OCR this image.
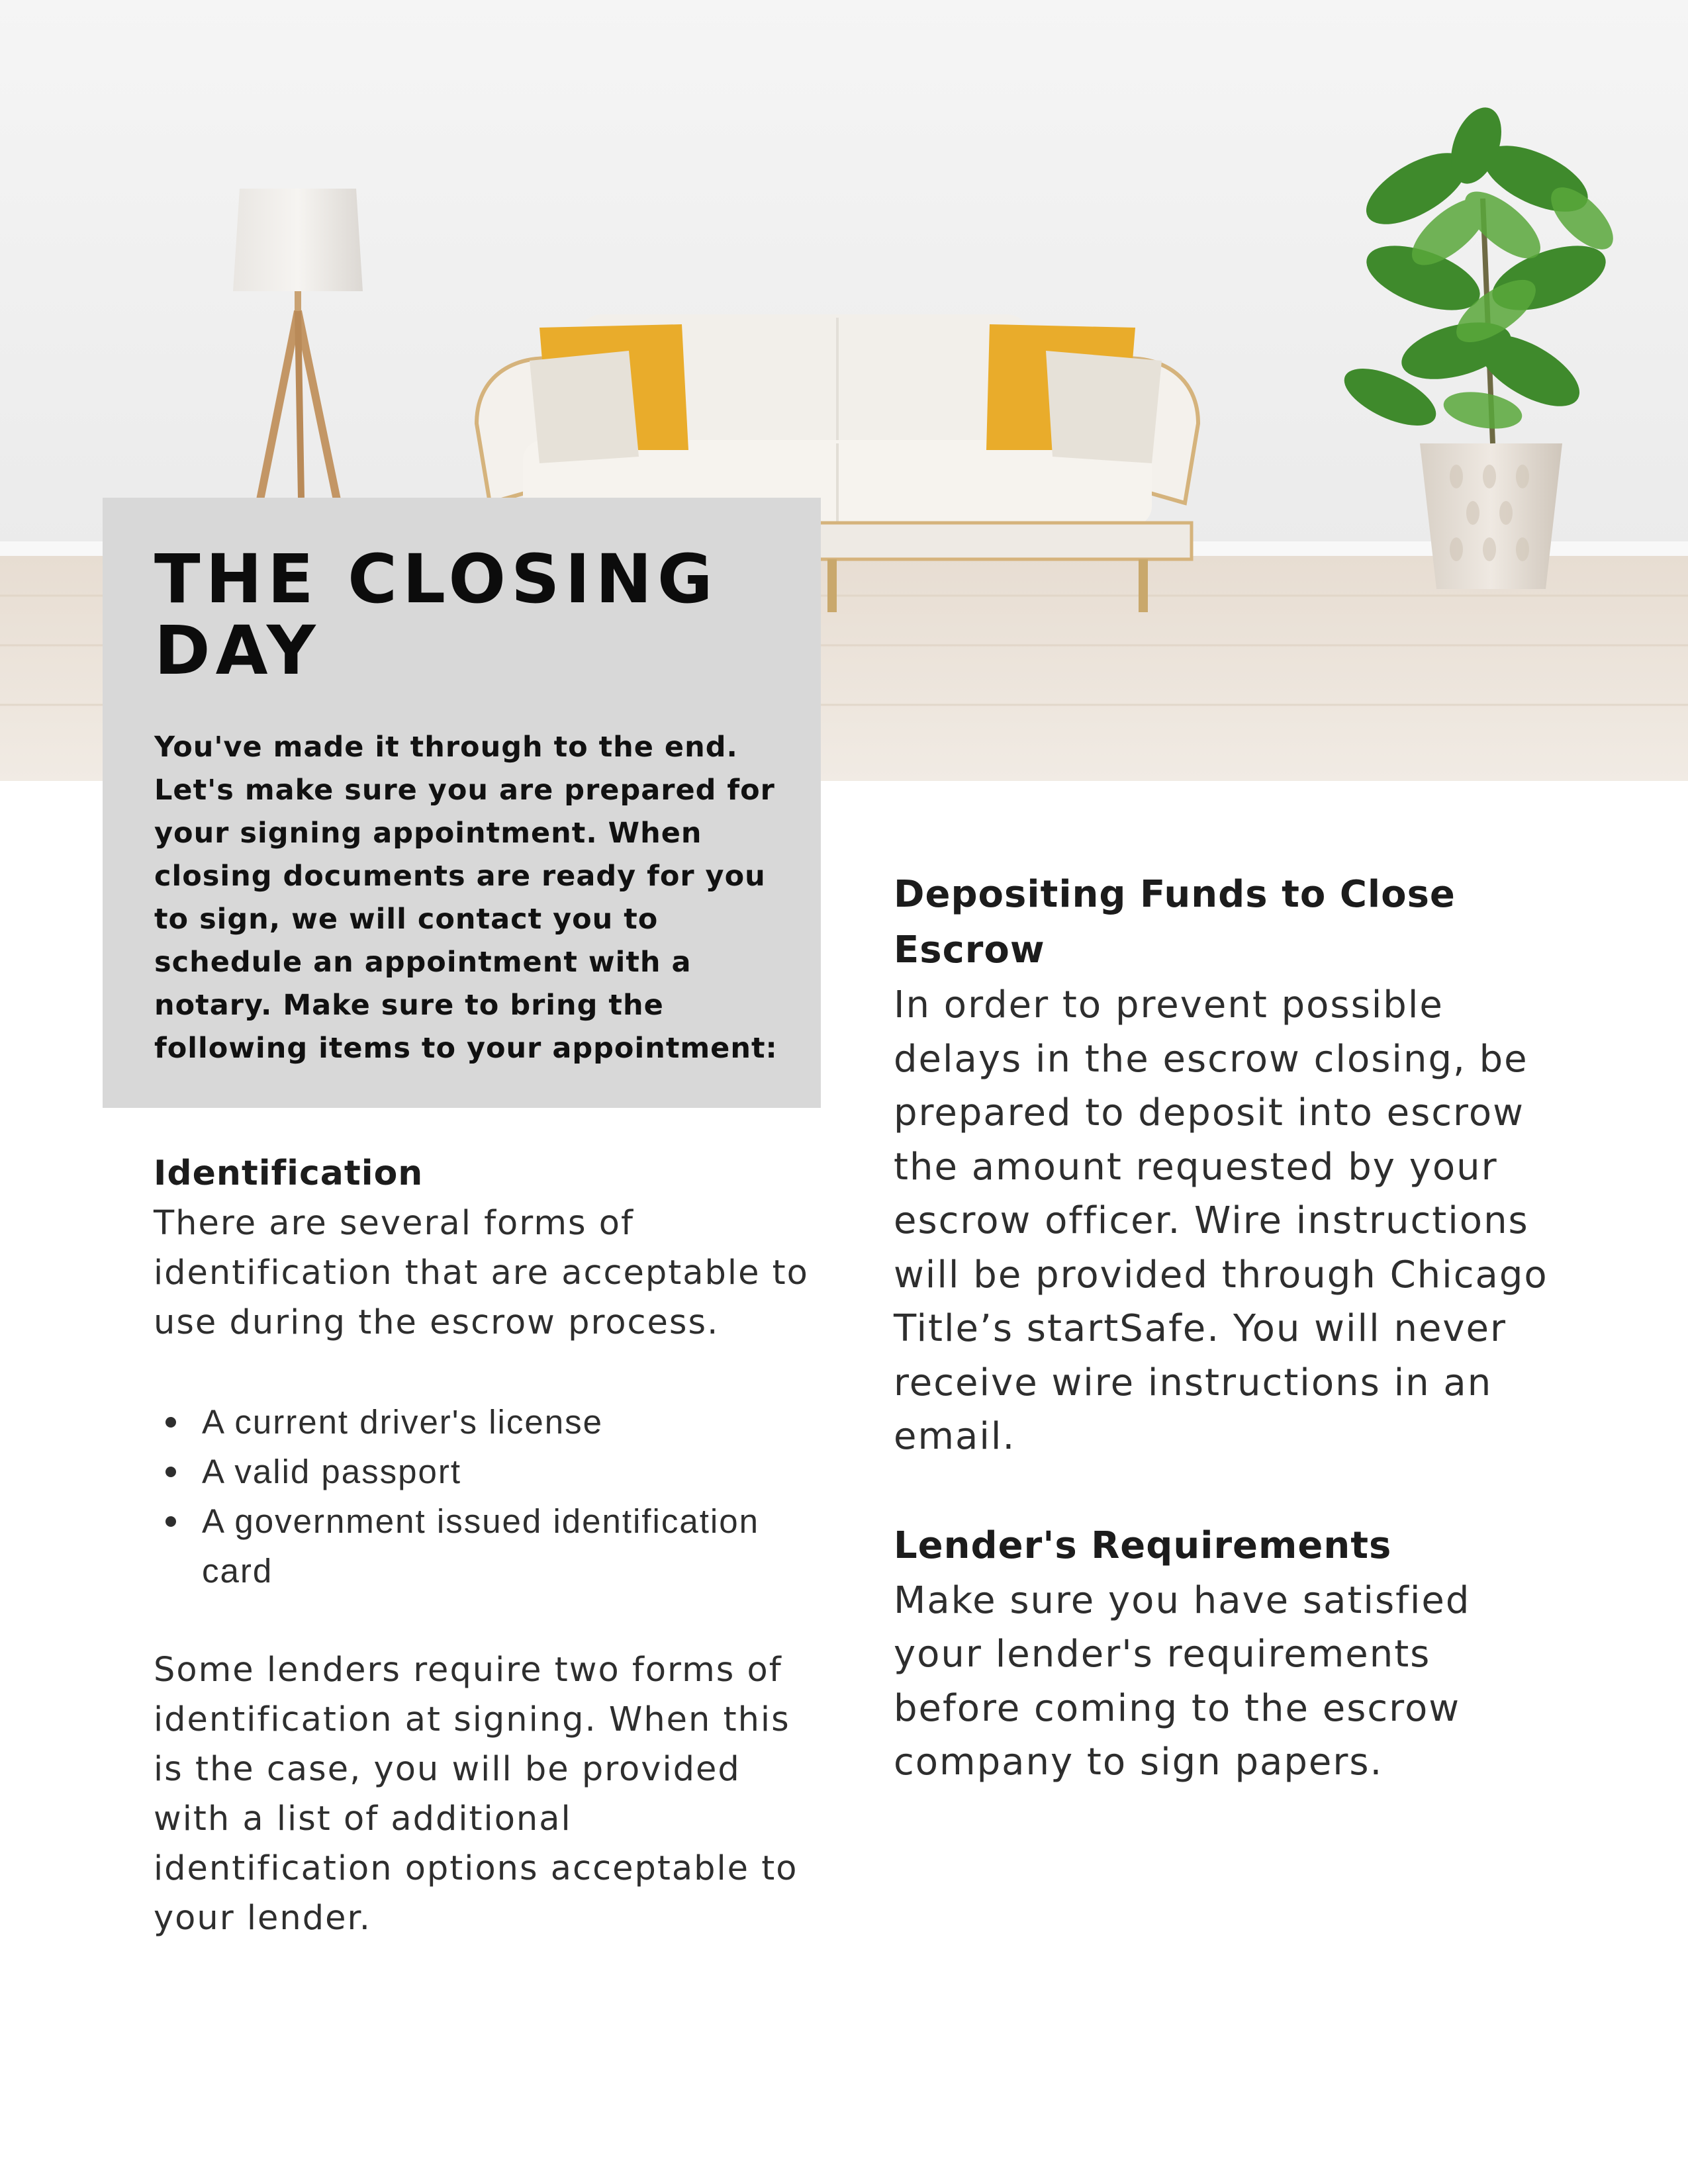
THE CLOSING DAY

You've made it through to the end. Let's make sure you are prepared for your signing appointment. When closing documents are ready for you to sign, we will contact you to schedule an appointment with a notary. Make sure to bring the following items to your appointment:

Identification

There are several forms of identification that are acceptable to use during the escrow process.

A current driver's license
A valid passport
A government issued identification card

Some lenders require two forms of identification at signing. When this is the case, you will be provided with a list of additional identification options acceptable to your lender.

Depositing Funds to Close Escrow

In order to prevent possible delays in the escrow closing, be prepared to deposit into escrow the amount requested by your escrow officer. Wire instructions will be provided through Chicago Title’s startSafe. You will never receive wire instructions in an email.

Lender's Requirements

Make sure you have satisfied your lender's requirements before coming to the escrow company to sign papers.
